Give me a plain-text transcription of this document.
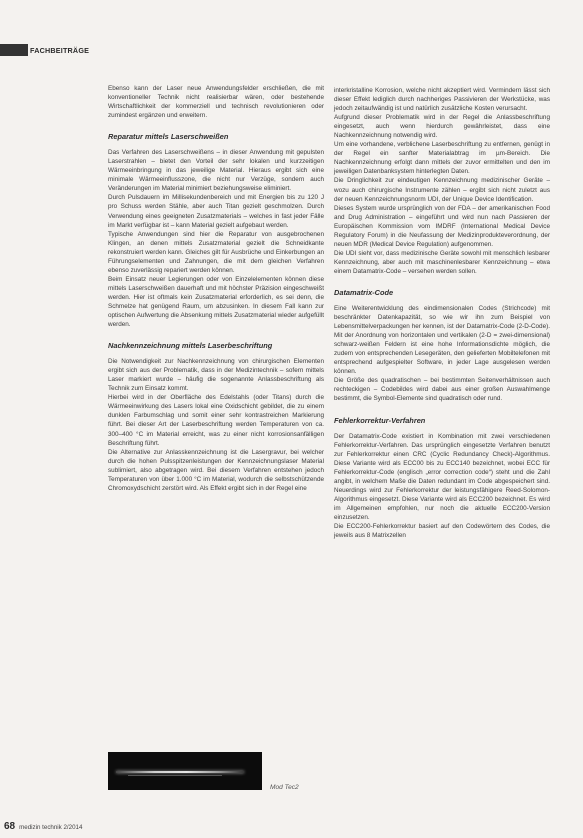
FACHBEITRÄGE

Ebenso kann der Laser neue Anwendungsfelder erschließen, die mit konventioneller Technik nicht realisierbar wären, oder bestehende Wirtschaftlichkeit der kommerziell und technisch revolutionieren oder zumindest ergänzen und erweitern.

Reparatur mittels Laserschweißen

Das Verfahren des Laserschweißens – in dieser Anwendung mit gepulsten Laserstrahlen – bietet den Vorteil der sehr lokalen und kurzzeitigen Wärmeeinbringung in das jeweilige Material. Hieraus ergibt sich eine minimale Wärmeeinflusszone, die nicht nur Verzüge, sondern auch Veränderungen im Material minimiert beziehungsweise eliminiert.

Durch Pulsdauern im Millisekundenbereich und mit Energien bis zu 120 J pro Schuss werden Stähle, aber auch Titan gezielt geschmolzen. Durch Verwendung eines geeigneten Zusatzmaterials – welches in fast jeder Fälle im Markt verfügbar ist – kann Material gezielt aufgebaut werden.

Typische Anwendungen sind hier die Reparatur von ausgebrochenen Klingen, an denen mittels Zusatzmaterial gezielt die Schneidkante rekonstruiert werden kann. Gleiches gilt für Ausbrüche und Einkerbungen an Führungselementen und Zahnungen, die mit dem gleichen Verfahren ebenso zuverlässig repariert werden können.

Beim Einsatz neuer Legierungen oder von Einzelelementen können diese mittels Laserschweißen dauerhaft und mit höchster Präzision eingeschweißt werden. Hier ist oftmals kein Zusatzmaterial erforderlich, es sei denn, die Schmelze hat genügend Raum, um abzusinken. In diesem Fall kann zur optischen Aufwertung die Absenkung mittels Zusatzmaterial wieder aufgefüllt werden.

Nachkennzeichnung mittels Laserbeschriftung

Die Notwendigkeit zur Nachkennzeichnung von chirurgischen Elementen ergibt sich aus der Problematik, dass in der Medizintechnik – sofern mittels Laser markiert wurde – häufig die sogenannte Anlassbeschriftung als Technik zum Einsatz kommt.

Hierbei wird in der Oberfläche des Edelstahls (oder Titans) durch die Wärmeeinwirkung des Lasers lokal eine Oxidschicht gebildet, die zu einem dunklen Farbumschlag und somit einer sehr kontrastreichen Markierung führt. Bei dieser Art der Laserbeschriftung werden Temperaturen von ca. 300–400 °C im Material erreicht, was zu einer nicht korrosionsanfälligen Beschriftung führt.

Die Alternative zur Anlasskennzeichnung ist die Lasergravur, bei welcher durch die hohen Pulsspitzenleistungen der Kennzeichnungslaser Material sublimiert, also abgetragen wird. Bei diesem Verfahren entstehen jedoch Temperaturen von über 1.000 °C im Material, wodurch die selbstschützende Chromoxydschicht zerstört wird. Als Effekt ergibt sich in der Regel eine

interkristalline Korrosion, welche nicht akzeptiert wird. Vermindern lässt sich dieser Effekt lediglich durch nachheriges Passivieren der Werkstücke, was jedoch zeitaufwändig ist und natürlich zusätzliche Kosten verursacht.

Aufgrund dieser Problematik wird in der Regel die Anlassbeschriftung eingesetzt, auch wenn hierdurch gewährleistet, dass eine Nachkennzeichnung notwendig wird.

Um eine vorhandene, verblichene Laserbeschriftung zu entfernen, genügt in der Regel ein sanfter Materialabtrag im µm-Bereich. Die Nachkennzeichnung erfolgt dann mittels der zuvor ermittelten und den im jeweiligen Datenbanksystem hinterlegten Daten.

Die Dringlichkeit zur eindeutigen Kennzeichnung medizinischer Geräte – wozu auch chirurgische Instrumente zählen – ergibt sich nicht zuletzt aus der neuen Kennzeichnungsnorm UDI, der Unique Device Identification.

Dieses System wurde ursprünglich von der FDA – der amerikanischen Food and Drug Administration – eingeführt und wird nun nach Passieren der Europäischen Kommission vom IMDRF (International Medical Device Regulatory Forum) in die Neufassung der Medizinprodukteverordnung, der neuen MDR (Medical Device Regulation) aufgenommen.

Die UDI sieht vor, dass medizinische Geräte sowohl mit menschlich lesbarer Kennzeichnung, aber auch mit maschinenlesbarer Kennzeichnung – etwa einem Datamatrix-Code – versehen werden sollen.

Datamatrix-Code

Eine Weiterentwicklung des eindimensionalen Codes (Strichcode) mit beschränkter Datenkapazität, so wie wir ihn zum Beispiel von Lebensmittelverpackungen her kennen, ist der Datamatrix-Code (2-D-Code). Mit der Anordnung von horizontalen und vertikalen (2-D = zwei-dimensional) schwarz-weißen Feldern ist eine hohe Informationsdichte möglich, die zudem von entsprechenden Lesegeräten, den gelieferten Mobiltelefonen mit entsprechend aufgespielter Software, in jeder Lage ausgelesen werden können.

Die Größe des quadratischen – bei bestimmten Seitenverhältnissen auch rechteckigen – Codebildes wird dabei aus einer großen Auswahlmenge bestimmt, die Symbol-Elemente sind quadratisch oder rund.

Fehlerkorrektur-Verfahren

Der Datamatrix-Code existiert in Kombination mit zwei verschiedenen Fehlerkorrektur-Verfahren. Das ursprünglich eingesetzte Verfahren benutzt zur Fehlerkorrektur einen CRC (Cyclic Redundancy Check)-Algorithmus. Diese Variante wird als ECC00 bis zu ECC140 bezeichnet, wobei ECC für Fehlerkorrektur-Code (englisch „error correction code“) steht und die Zahl angibt, in welchem Maße die Daten redundant im Code abgespeichert sind. Neuerdings wird zur Fehlerkorrektur der leistungsfähigere Reed-Solomon-Algorithmus eingesetzt. Diese Variante wird als ECC200 bezeichnet. Es wird im Allgemeinen empfohlen, nur noch die aktuelle ECC200-Version einzusetzen.

Die ECC200-Fehlerkorrektur basiert auf den Codewörtern des Codes, die jeweils aus 8 Matrixzellen

Mod Tec2
68 medizin technik 2/2014
